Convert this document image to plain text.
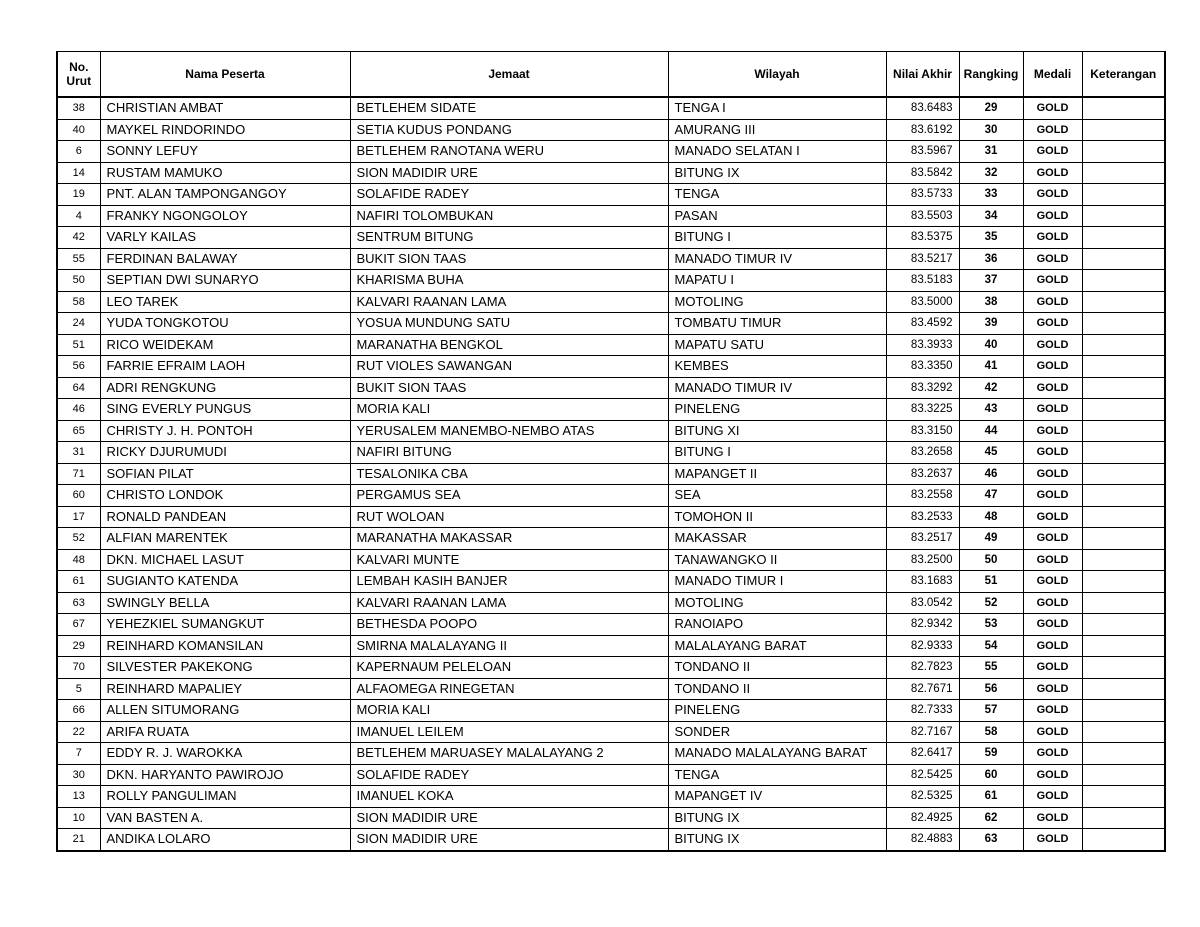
No.
Urut	Nama Peserta	Jemaat	Wilayah	Nilai Akhir	Rangking	Medali	Keterangan
38	CHRISTIAN AMBAT	BETLEHEM SIDATE	TENGA I	83.6483	29	GOLD	
40	MAYKEL RINDORINDO	SETIA KUDUS PONDANG	AMURANG III	83.6192	30	GOLD	
6	SONNY LEFUY	BETLEHEM RANOTANA WERU	MANADO SELATAN I	83.5967	31	GOLD	
14	RUSTAM MAMUKO	SION MADIDIR URE	BITUNG IX	83.5842	32	GOLD	
19	PNT. ALAN TAMPONGANGOY	SOLAFIDE RADEY	TENGA	83.5733	33	GOLD	
4	FRANKY NGONGOLOY	NAFIRI TOLOMBUKAN	PASAN	83.5503	34	GOLD	
42	VARLY KAILAS	SENTRUM BITUNG	BITUNG I	83.5375	35	GOLD	
55	FERDINAN BALAWAY	BUKIT SION TAAS	MANADO TIMUR IV	83.5217	36	GOLD	
50	SEPTIAN DWI SUNARYO	KHARISMA BUHA	MAPATU I	83.5183	37	GOLD	
58	LEO TAREK	KALVARI RAANAN LAMA	MOTOLING	83.5000	38	GOLD	
24	YUDA TONGKOTOU	YOSUA MUNDUNG SATU	TOMBATU TIMUR	83.4592	39	GOLD	
51	RICO WEIDEKAM	MARANATHA BENGKOL	MAPATU SATU	83.3933	40	GOLD	
56	FARRIE EFRAIM LAOH	RUT VIOLES SAWANGAN	KEMBES	83.3350	41	GOLD	
64	ADRI RENGKUNG	BUKIT SION TAAS	MANADO TIMUR IV	83.3292	42	GOLD	
46	SING EVERLY PUNGUS	MORIA KALI	PINELENG	83.3225	43	GOLD	
65	CHRISTY J. H. PONTOH	YERUSALEM MANEMBO-NEMBO ATAS	BITUNG XI	83.3150	44	GOLD	
31	RICKY DJURUMUDI	NAFIRI BITUNG	BITUNG I	83.2658	45	GOLD	
71	SOFIAN PILAT	TESALONIKA CBA	MAPANGET II	83.2637	46	GOLD	
60	CHRISTO LONDOK	PERGAMUS SEA	SEA	83.2558	47	GOLD	
17	RONALD PANDEAN	RUT WOLOAN	TOMOHON II	83.2533	48	GOLD	
52	ALFIAN MARENTEK	MARANATHA MAKASSAR	MAKASSAR	83.2517	49	GOLD	
48	DKN. MICHAEL LASUT	KALVARI MUNTE	TANAWANGKO II	83.2500	50	GOLD	
61	SUGIANTO KATENDA	LEMBAH KASIH BANJER	MANADO TIMUR I	83.1683	51	GOLD	
63	SWINGLY BELLA	KALVARI RAANAN LAMA	MOTOLING	83.0542	52	GOLD	
67	YEHEZKIEL SUMANGKUT	BETHESDA POOPO	RANOIAPO	82.9342	53	GOLD	
29	REINHARD KOMANSILAN	SMIRNA MALALAYANG II	MALALAYANG BARAT	82.9333	54	GOLD	
70	SILVESTER PAKEKONG	KAPERNAUM PELELOAN	TONDANO II	82.7823	55	GOLD	
5	REINHARD MAPALIEY	ALFAOMEGA RINEGETAN	TONDANO II	82.7671	56	GOLD	
66	ALLEN SITUMORANG	MORIA KALI	PINELENG	82.7333	57	GOLD	
22	ARIFA RUATA	IMANUEL LEILEM	SONDER	82.7167	58	GOLD	
7	EDDY R. J. WAROKKA	BETLEHEM MARUASEY MALALAYANG 2	MANADO MALALAYANG BARAT	82.6417	59	GOLD	
30	DKN. HARYANTO PAWIROJO	SOLAFIDE RADEY	TENGA	82.5425	60	GOLD	
13	ROLLY PANGULIMAN	IMANUEL KOKA	MAPANGET IV	82.5325	61	GOLD	
10	VAN BASTEN A.	SION MADIDIR URE	BITUNG IX	82.4925	62	GOLD	
21	ANDIKA LOLARO	SION MADIDIR URE	BITUNG IX	82.4883	63	GOLD	
